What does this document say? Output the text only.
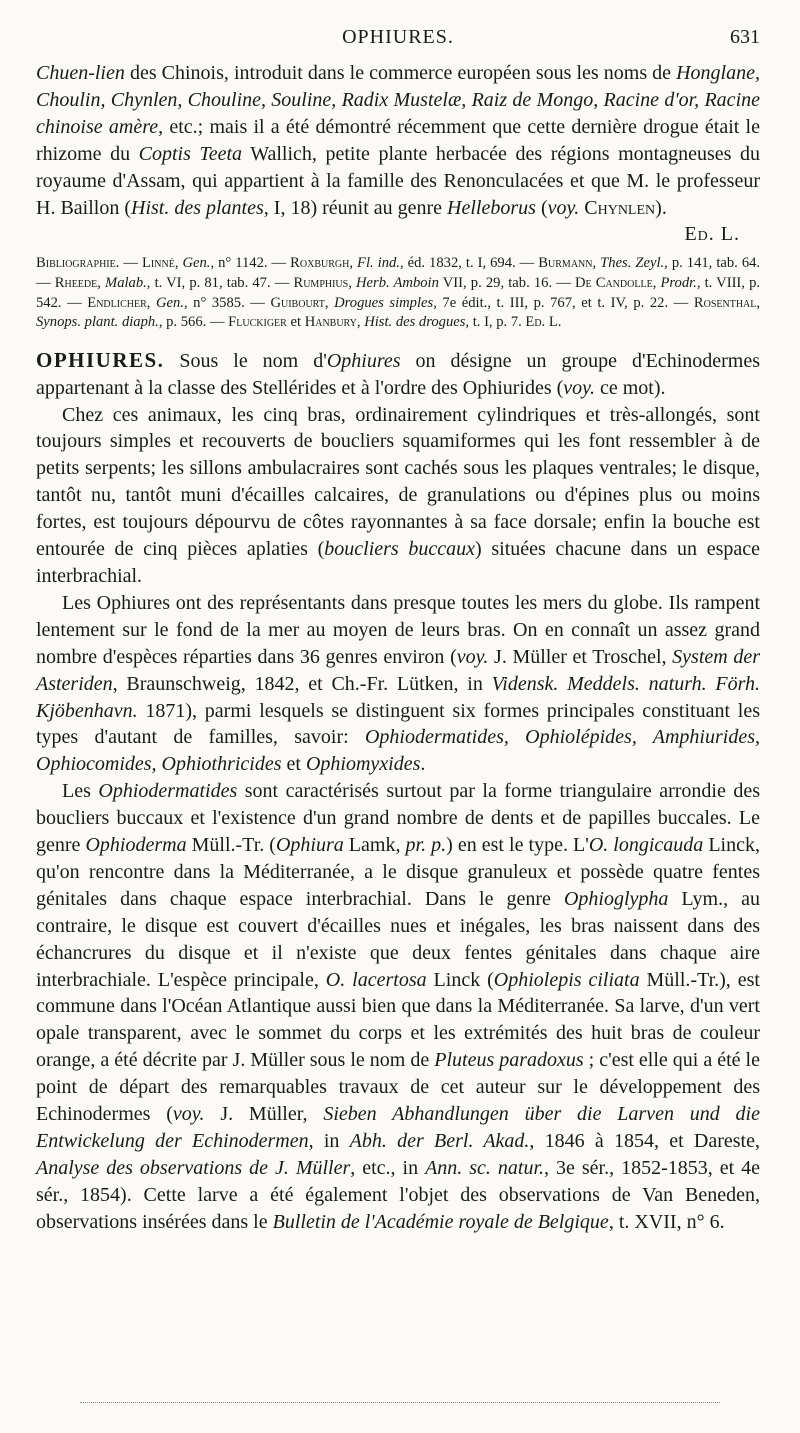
OPHIURES.	631

Chuen-lien des Chinois, introduit dans le commerce européen sous les noms de Honglane, Choulin, Chynlen, Chouline, Souline, Radix Mustelæ, Raiz de Mongo, Racine d'or, Racine chinoise amère, etc.; mais il a été démontré récemment que cette dernière drogue était le rhizome du Coptis Teeta Wallich, petite plante herbacée des régions montagneuses du royaume d'Assam, qui appartient à la famille des Renonculacées et que M. le professeur H. Baillon (Hist. des plantes, I, 18) réunit au genre Helleborus (voy. Chynlen).

Ed. L.

Bibliographie. — Linné, Gen., n° 1142. — Roxburgh, Fl. ind., éd. 1832, t. I, 694. — Burmann, Thes. Zeyl., p. 141, tab. 64. — Rheede, Malab., t. VI, p. 81, tab. 47. — Rumphius, Herb. Amboin VII, p. 29, tab. 16. — De Candolle, Prodr., t. VIII, p. 542. — Endlicher, Gen., n° 3585. — Guibourt, Drogues simples, 7e édit., t. III, p. 767, et t. IV, p. 22. — Rosenthal, Synops. plant. diaph., p. 566. — Fluckiger et Hanbury, Hist. des drogues, t. I, p. 7. Ed. L.

OPHIURES. Sous le nom d'Ophiures on désigne un groupe d'Echinodermes appartenant à la classe des Stellérides et à l'ordre des Ophiurides (voy. ce mot).

Chez ces animaux, les cinq bras, ordinairement cylindriques et très-allongés, sont toujours simples et recouverts de boucliers squamiformes qui les font ressembler à de petits serpents; les sillons ambulacraires sont cachés sous les plaques ventrales; le disque, tantôt nu, tantôt muni d'écailles calcaires, de granulations ou d'épines plus ou moins fortes, est toujours dépourvu de côtes rayonnantes à sa face dorsale; enfin la bouche est entourée de cinq pièces aplaties (boucliers buccaux) situées chacune dans un espace interbrachial.

Les Ophiures ont des représentants dans presque toutes les mers du globe. Ils rampent lentement sur le fond de la mer au moyen de leurs bras. On en connaît un assez grand nombre d'espèces réparties dans 36 genres environ (voy. J. Müller et Troschel, System der Asteriden, Braunschweig, 1842, et Ch.-Fr. Lütken, in Vidensk. Meddels. naturh. Förh. Kjöbenhavn. 1871), parmi lesquels se distinguent six formes principales constituant les types d'autant de familles, savoir: Ophiodermatides, Ophiolépides, Amphiurides, Ophiocomides, Ophiothricides et Ophiomyxides.

Les Ophiodermatides sont caractérisés surtout par la forme triangulaire arrondie des boucliers buccaux et l'existence d'un grand nombre de dents et de papilles buccales. Le genre Ophioderma Müll.-Tr. (Ophiura Lamk, pr. p.) en est le type. L'O. longicauda Linck, qu'on rencontre dans la Méditerranée, a le disque granuleux et possède quatre fentes génitales dans chaque espace interbrachial. Dans le genre Ophioglypha Lym., au contraire, le disque est couvert d'écailles nues et inégales, les bras naissent dans des échancrures du disque et il n'existe que deux fentes génitales dans chaque aire interbrachiale. L'espèce principale, O. lacertosa Linck (Ophiolepis ciliata Müll.-Tr.), est commune dans l'Océan Atlantique aussi bien que dans la Méditerranée. Sa larve, d'un vert opale transparent, avec le sommet du corps et les extrémités des huit bras de couleur orange, a été décrite par J. Müller sous le nom de Pluteus paradoxus ; c'est elle qui a été le point de départ des remarquables travaux de cet auteur sur le développement des Echinodermes (voy. J. Müller, Sieben Abhandlungen über die Larven und die Entwickelung der Echinodermen, in Abh. der Berl. Akad., 1846 à 1854, et Dareste, Analyse des observations de J. Müller, etc., in Ann. sc. natur., 3e sér., 1852-1853, et 4e sér., 1854). Cette larve a été également l'objet des observations de Van Beneden, observations insérées dans le Bulletin de l'Académie royale de Belgique, t. XVII, n° 6.
